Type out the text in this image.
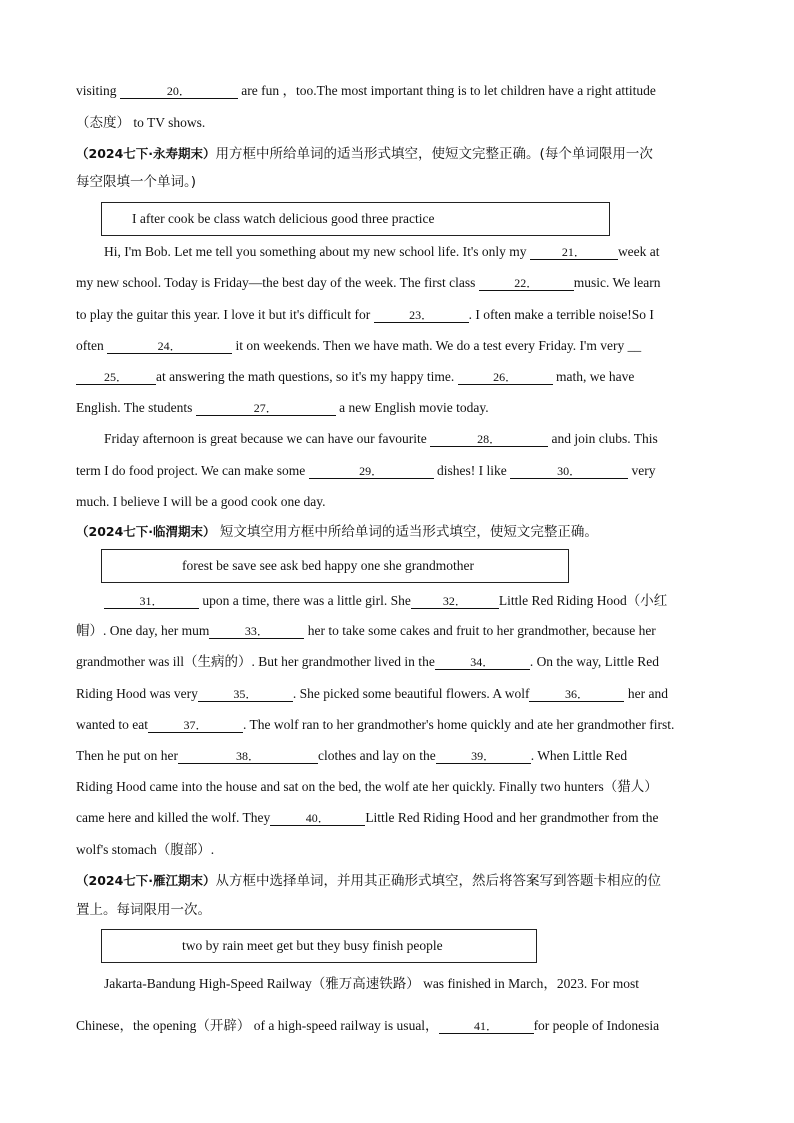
visiting	20．	are fun ，too.The most important thing is to let children have a right attitude
（态度） to TV shows.
（2024七下·永寿期末）用方框中所给单词的适当形式填空，使短文完整正确。(每个单词限用一次
每空限填一个单词。)
I after cook be class watch delicious good three practice
Hi, I'm Bob. Let me tell you something about my new school life. It's only my	21． week at
my new school. Today is Friday—the best day of the week. The first class	22．	music. We learn
to play the guitar this year. I love it but it's difficult for	23．	. I often make a terrible noise!So I
often	24．	it on weekends. Then we have math. We do a test every Friday. I'm very __
25． at answering the math questions, so it's my happy time.	26．	math, we have
English. The students	27．	a new English movie today.
Friday afternoon is great because we can have our favourite	28．	and join clubs. This
term I do food project. We can make some	29．	dishes! I like	30．	very
much. I believe I will be a good cook one day.
（2024七下·临渭期末） 短文填空用方框中所给单词的适当形式填空，使短文完整正确。
forest be save see ask bed happy one she grandmother
31．	upon a time, there was a little girl. She	32． Little Red Riding Hood（小红
帽）. One day, her mum	33．	her to take some cakes and fruit to her grandmother, because her
grandmother was ill（生病的）. But her grandmother lived in the	34．	. On the way, Little Red
Riding Hood was very	35．	. She picked some beautiful flowers. A wolf	36．	her and
wanted to eat	37．	. The wolf ran to her grandmother's home quickly and ate her grandmother first.
Then he put on her	38．	clothes and lay on the	39．	. When Little Red
Riding Hood came into the house and sat on the bed, the wolf ate her quickly. Finally two hunters（猎人）
came here and killed the wolf. They	40．	Little Red Riding Hood and her grandmother from the
wolf's stomach（腹部）.
（2024七下·雁江期末）从方框中选择单词，并用其正确形式填空，然后将答案写到答题卡相应的位
置上。每词限用一次。
two by rain meet get but they busy finish people
Jakarta-Bandung High-Speed Railway（雅万高速铁路） was finished in March，2023. For most
Chinese，the opening（开辟） of a high-speed railway is usual，	41．	for people of Indonesia
